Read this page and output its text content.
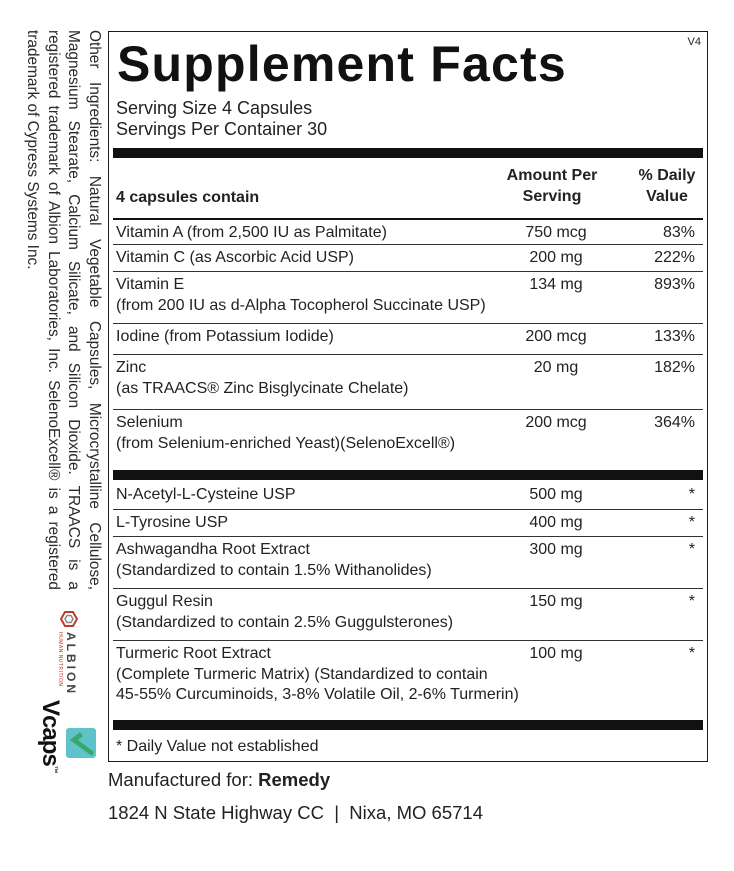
Other Ingredients: Natural Vegetable Capsules, Microcrystalline Cellulose, Magnesium Stearate, Calcium Silicate, and Silicon Dioxide. TRAACS is a registered trademark of Albion Laboratories, Inc. SelenoExcell® is a registered trademark of Cypress Systems Inc.

ALBION
HUMAN NUTRITION
Vcaps™
Supplement Facts	V4
Serving Size 4 Capsules
Servings Per Container 30
4 capsules contain
Amount Per
Serving
% Daily
Value
Vitamin A (from 2,500 IU as Palmitate)	750 mcg	83%
Vitamin C (as Ascorbic Acid USP)	200 mg	222%
Vitamin E
(from 200 IU as d-Alpha Tocopherol Succinate USP)
134 mg	893%
Iodine (from Potassium Iodide)	200 mcg	133%
Zinc
(as TRAACS® Zinc Bisglycinate Chelate)
20 mg	182%
Selenium
(from Selenium-enriched Yeast)(SelenoExcell®)
200 mcg	364%
N-Acetyl-L-Cysteine USP	500 mg	*
L-Tyrosine USP	400 mg	*
Ashwagandha Root Extract
(Standardized to contain 1.5% Withanolides)
300 mg	*
Guggul Resin
(Standardized to contain 2.5% Guggulsterones)
150 mg	*
Turmeric Root Extract
(Complete Turmeric Matrix) (Standardized to contain
45-55% Curcuminoids, 3-8% Volatile Oil, 2-6% Turmerin)
100 mg	*
* Daily Value not established
Manufactured for: Remedy
1824 N State Highway CC  |  Nixa, MO 65714
